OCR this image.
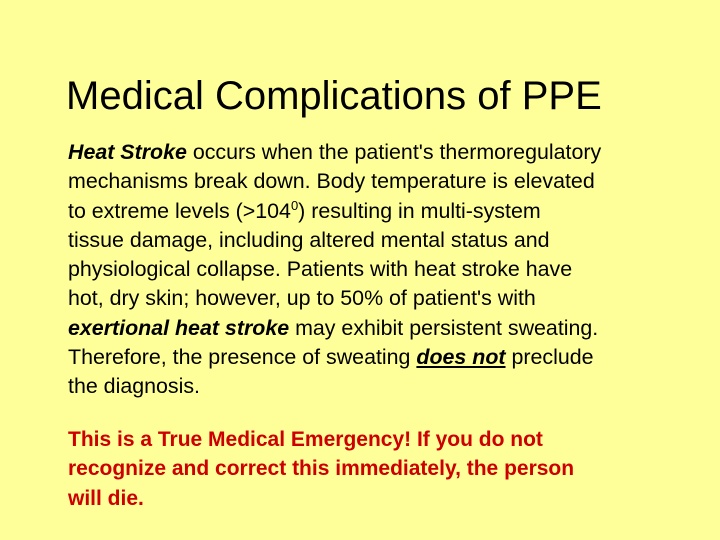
Medical Complications of PPE
Heat Stroke occurs when the patient's thermoregulatory
mechanisms break down. Body temperature is elevated
to extreme levels $(>104^0)$ resulting in multi-system
tissue damage, including altered mental status and
physiological collapse. Patients with heat stroke have
hot, dry skin; however, up to 50% of patient's with
exertional heat stroke may exhibit persistent sweating.
Therefore, the presence of sweating does not preclude
the diagnosis.
This is a True Medical Emergency! If you do not
recognize and correct this immediately, the person
will die.
